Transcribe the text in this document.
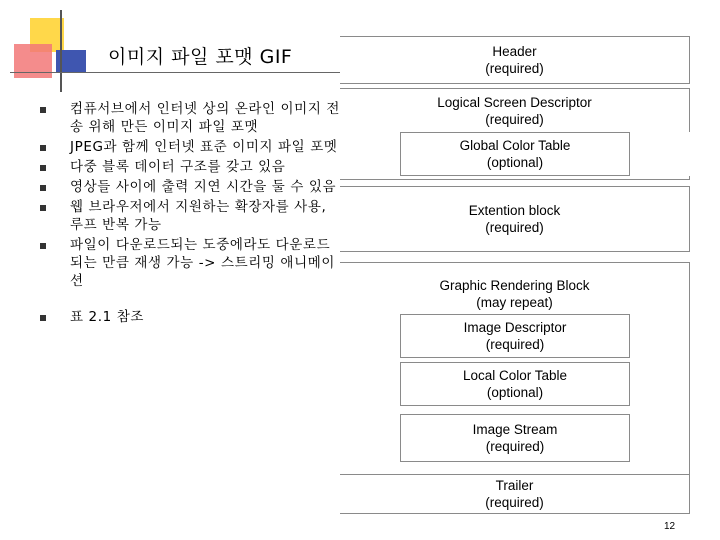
이미지 파일 포맷 GIF
컴퓨서브에서 인터넷 상의 온라인 이미지 전송 위해 만든 이미지 파일 포맷
JPEG과 함께 인터넷 표준 이미지 파일 포멧
다중 블록 데이터 구조를 갖고 있음
영상들 사이에 출력 지연 시간을 둘 수 있음
웹 브라우저에서 지원하는 확장자를 사용, 루프 반복 가능
파일이 다운로드되는 도중에라도 다운로드되는 만큼 재생 가능 -> 스트리밍 애니메이션
표 2.1 참조
Header
(required)
Logical Screen Descriptor
(required)
Global Color Table
(optional)
Extention block
(required)
Graphic Rendering Block
(may repeat)
Image Descriptor
(required)
Local Color Table
(optional)
Image Stream
(required)
Trailer
(required)
12
